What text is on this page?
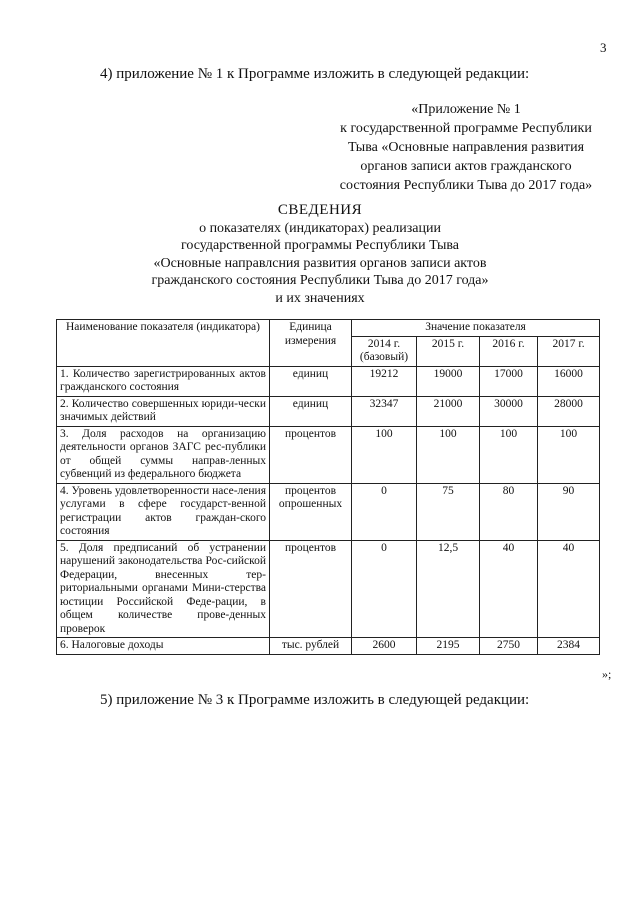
3
4) приложение № 1 к Программе изложить в следующей редакции:
«Приложение № 1
к государственной программе Республики
Тыва «Основные направления развития
органов записи актов гражданского
состояния Республики Тыва до 2017 года»
СВЕДЕНИЯ
о показателях (индикаторах) реализации
государственной программы Республики Тыва
«Основные направлсния развития органов записи актов
гражданского состояния Республики Тыва до 2017 года»
и их значениях
Наименование показателя (индикатора)	Единица измерения	Значение показателя			
		2014 г. (базовый)	2015 г.	2016 г.	2017 г.
1. Количество зарегистрированных актов гражданского состояния	единиц	19212	19000	17000	16000
2. Количество совершенных юриди-чески значимых действий	единиц	32347	21000	30000	28000
3. Доля расходов на организацию деятельности органов ЗАГС рес-публики от общей суммы направ-ленных субвенций из федерального бюджета	процентов	100	100	100	100
4. Уровень удовлетворенности насе-ления услугами в сфере государст-венной регистрации актов граждан-ского состояния	процентов опрошенных	0	75	80	90
5. Доля предписаний об устранении нарушений законодательства Рос-сийской Федерации, внесенных тер-риториальными органами Мини-стерства юстиции Российской Феде-рации, в общем количестве прове-денных проверок	процентов	0	12,5	40	40
6. Налоговые доходы	тыс. рублей	2600	2195	2750	2384
»;
5) приложение № 3 к Программе изложить в следующей редакции:
